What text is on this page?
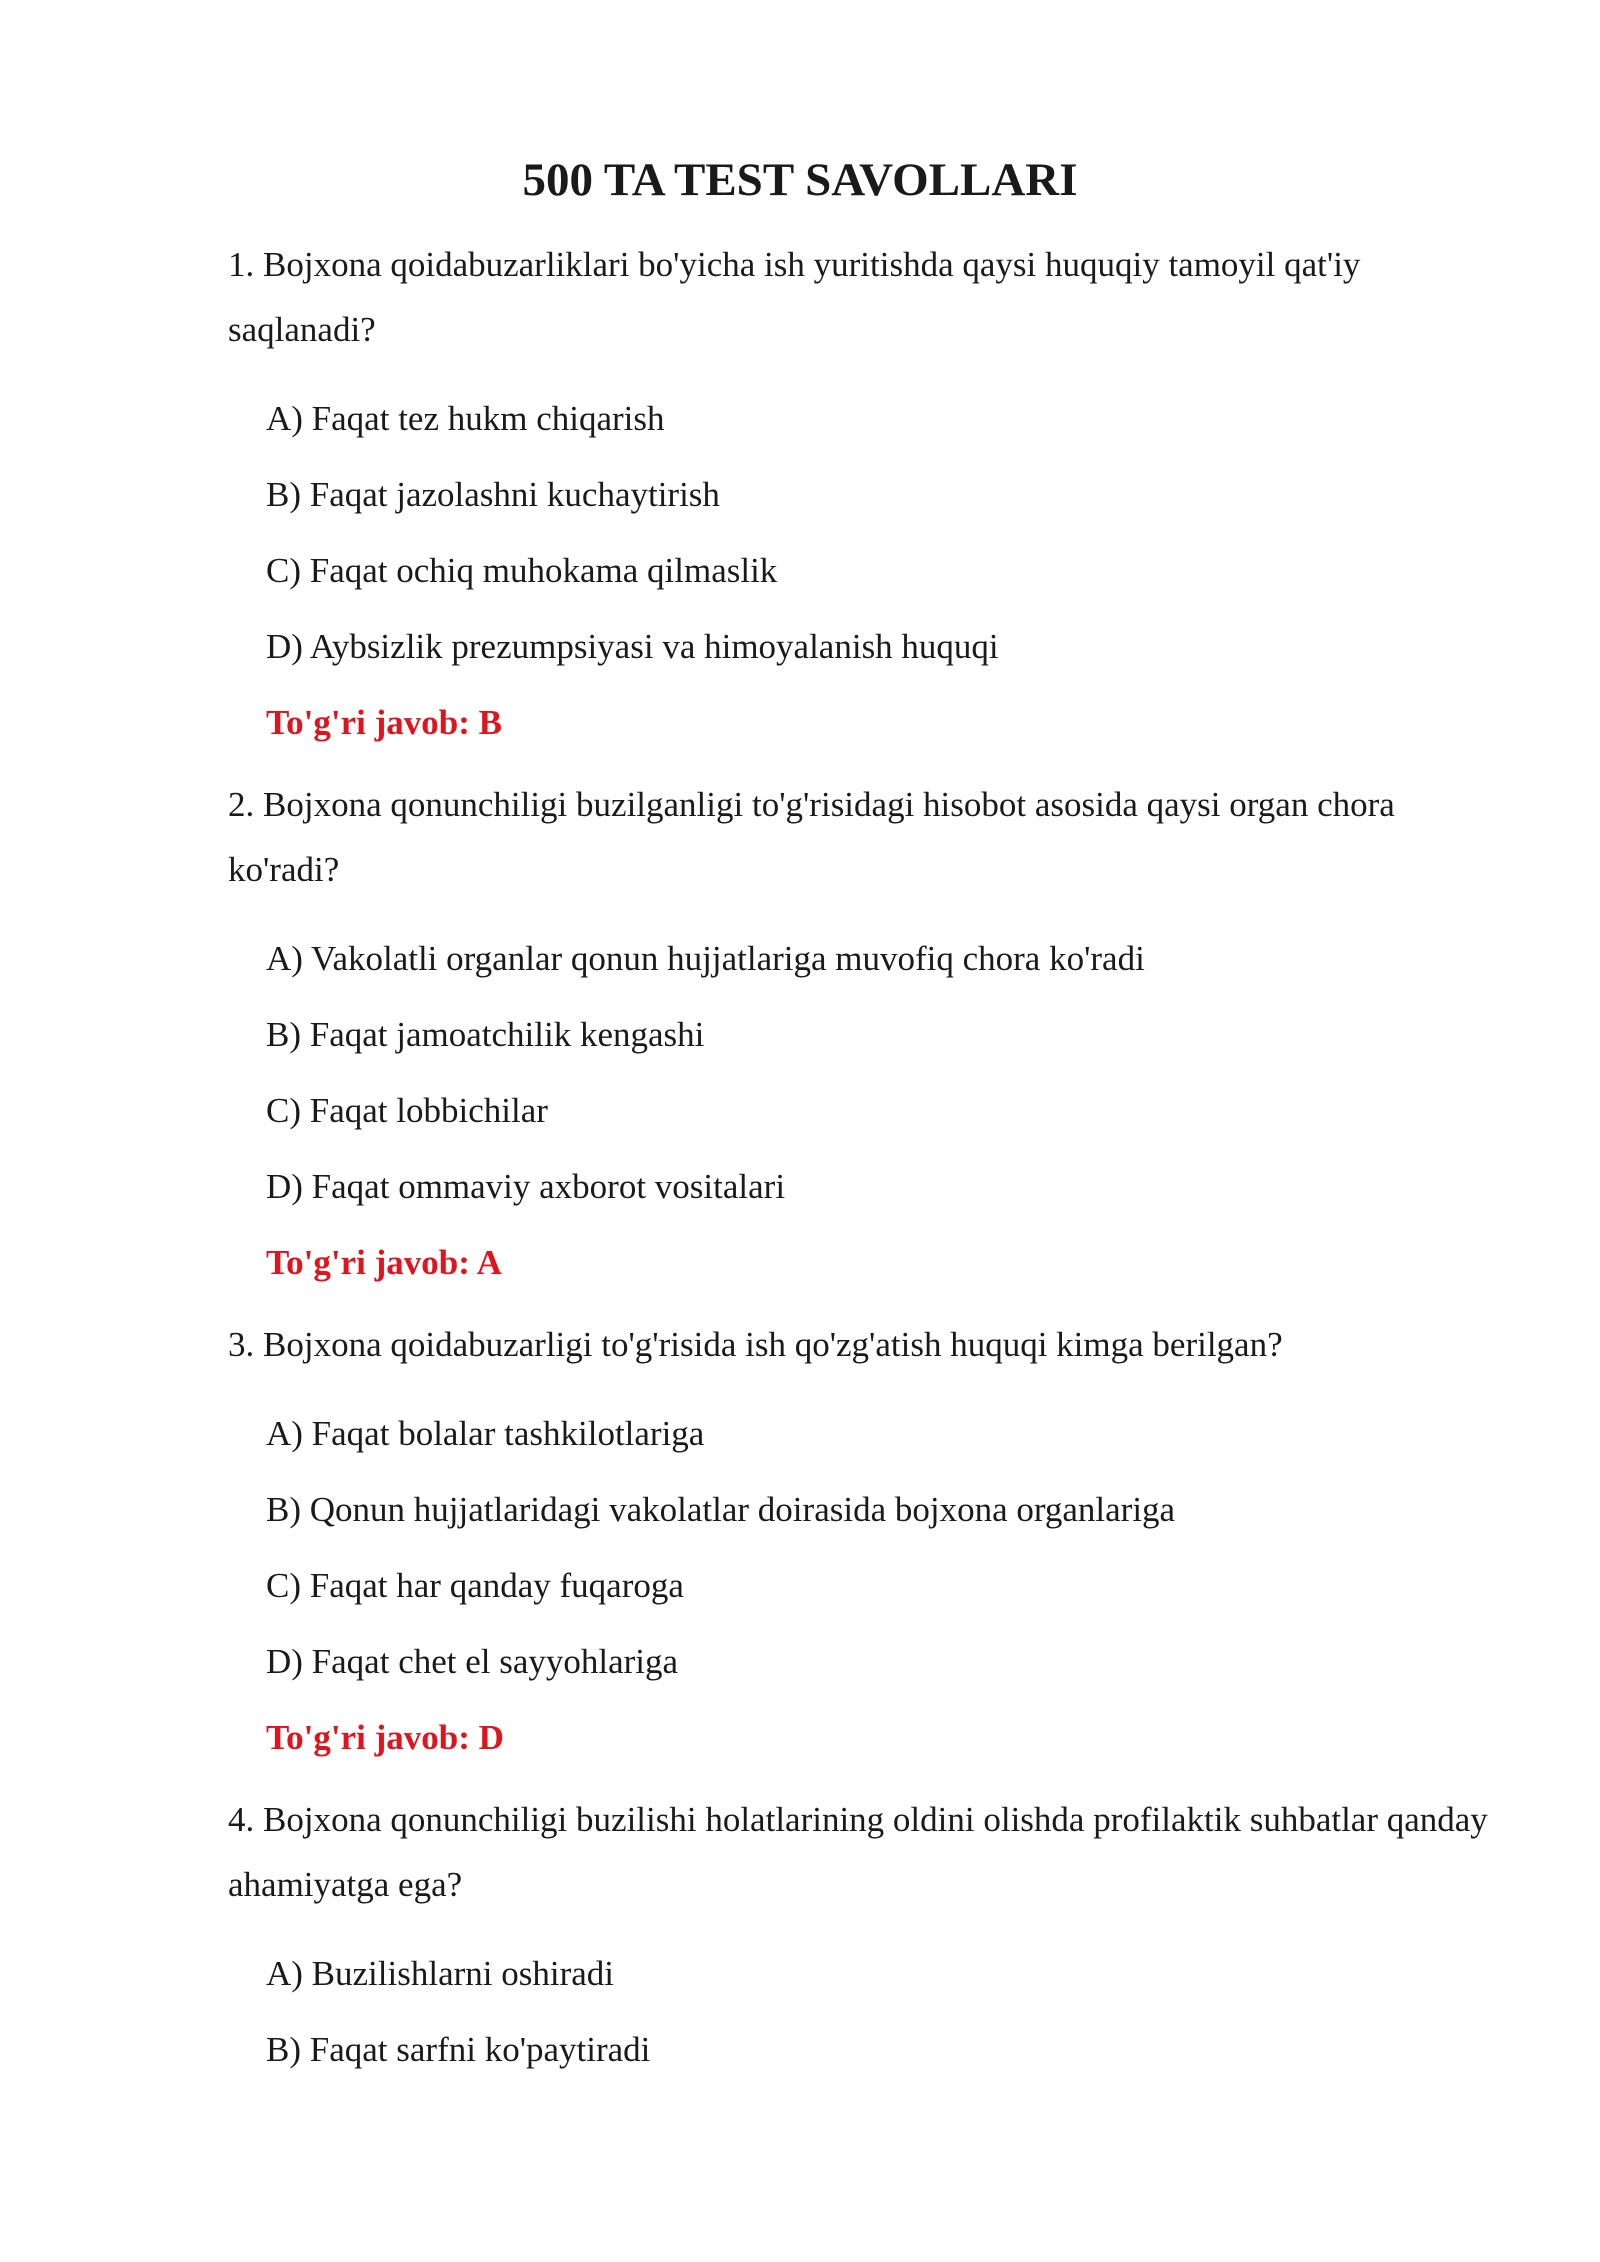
500 TA TEST SAVOLLARI

1. Bojxona qoidabuzarliklari bo'yicha ish yuritishda qaysi huquqiy tamoyil qat'iy saqlanadi?

A) Faqat tez hukm chiqarish

B) Faqat jazolashni kuchaytirish

C) Faqat ochiq muhokama qilmaslik

D) Aybsizlik prezumpsiyasi va himoyalanish huquqi

To'g'ri javob: B

2. Bojxona qonunchiligi buzilganligi to'g'risidagi hisobot asosida qaysi organ chora ko'radi?

A) Vakolatli organlar qonun hujjatlariga muvofiq chora ko'radi

B) Faqat jamoatchilik kengashi

C) Faqat lobbichilar

D) Faqat ommaviy axborot vositalari

To'g'ri javob: A

3. Bojxona qoidabuzarligi to'g'risida ish qo'zg'atish huquqi kimga berilgan?

A) Faqat bolalar tashkilotlariga

B) Qonun hujjatlaridagi vakolatlar doirasida bojxona organlariga

C) Faqat har qanday fuqaroga

D) Faqat chet el sayyohlariga

To'g'ri javob: D

4. Bojxona qonunchiligi buzilishi holatlarining oldini olishda profilaktik suhbatlar qanday ahamiyatga ega?

A) Buzilishlarni oshiradi

B) Faqat sarfni ko'paytiradi
